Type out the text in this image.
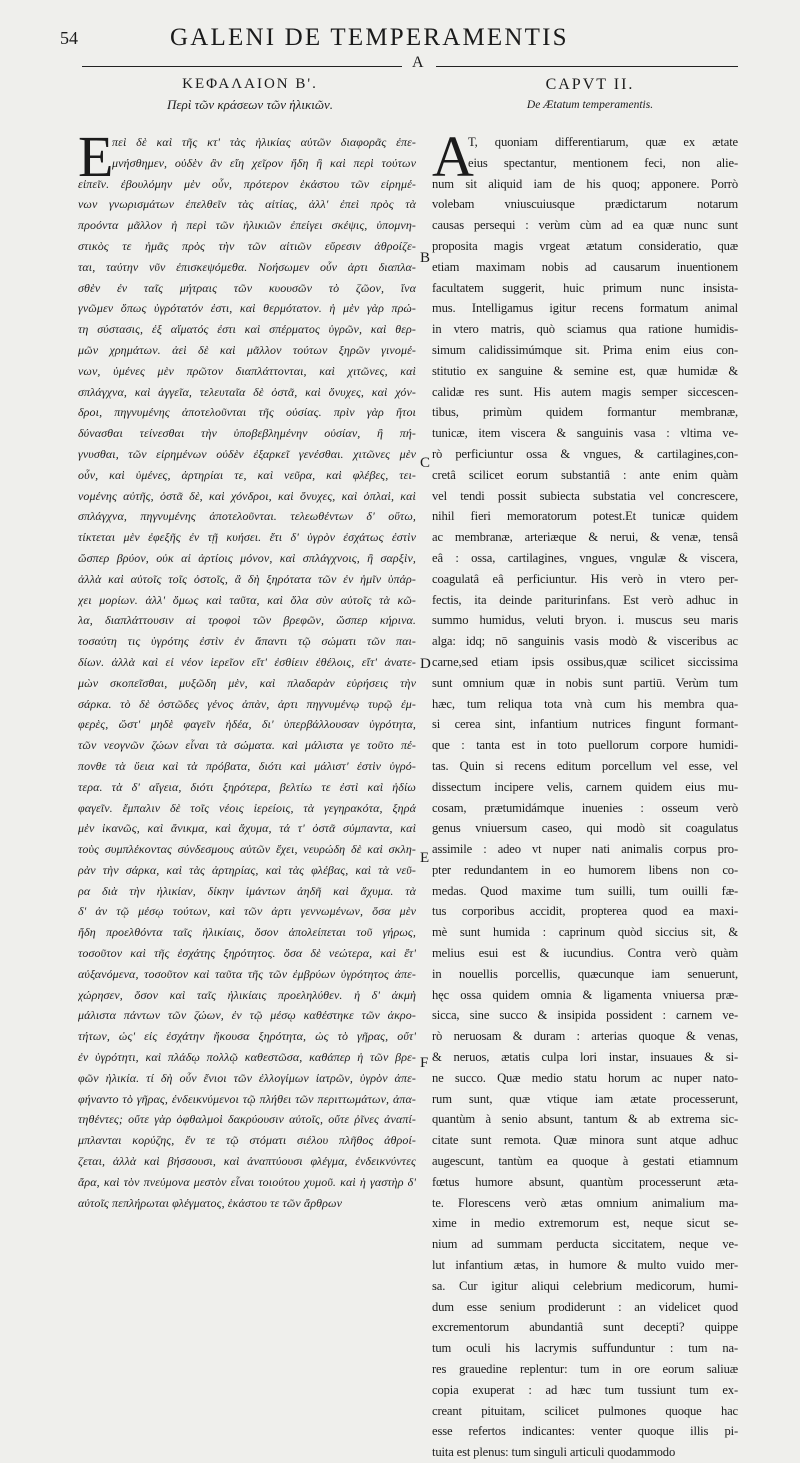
54	GALENI DE TEMPERAMENTIS
A
ΚΕΦΑΛΑΙΟΝ Β'.
Περὶ τῶν κράσεων τῶν ἡλικιῶν.
CAPVT II.
De Ætatum temperamentis.
Ε	A
πεὶ δὲ καὶ τῆς κτ' τὰς ἡλικίας αὐτῶν διαφορᾶς ἐπε-
μνήσθημεν, οὐδὲν ἂν εἴη χεῖρον ἤδη ἢ καὶ περὶ τούτων
εἰπεῖν. ἐβουλόμην μὲν οὖν, πρότερον ἑκάστου τῶν εἰρημέ-
νων γνωρισμάτων ἐπελθεῖν τὰς αἰτίας, ἀλλ' ἐπεὶ πρὸς τὰ
προόντα μᾶλλον ἡ περὶ τῶν ἡλικιῶν ἐπείγει σκέψις, ὑπομνη-
στικὸς τε ἡμᾶς πρὸς τὴν τῶν αἰτιῶν εὕρεσιν ἀθροίζε-
ται, ταύτην νῦν ἐπισκεψόμεθα. Νοήσωμεν οὖν ἀρτι διαπλα-
σθὲν ἐν ταῖς μήτραις τῶν κυουσῶν τὸ ζῶον, ἵνα
γνῶμεν ὅπως ὑγρότατόν ἐστι, καὶ θερμότατον. ἡ μὲν γὰρ πρώ-
τη σύστασις, ἐξ αἵματός ἐστι καὶ σπέρματος ὑγρῶν, καὶ θερ-
μῶν χρημάτων. ἀεὶ δὲ καὶ μᾶλλον τούτων ξηρῶν γινομέ-
νων, ὑμένες μὲν πρῶτον διαπλάττονται, καὶ χιτῶνες, καὶ
σπλάγχνα, καὶ ἀγγεῖα, τελευταῖα δὲ ὀστᾶ, καὶ ὄνυχες, καὶ χόν-
δροι, πηγνυμένης ἀποτελοῦνται τῆς οὐσίας. πρὶν γὰρ ἤτοι
δύνασθαι τείνεσθαι τὴν ὑποβεβλημένην οὐσίαν, ἢ πή-
γνυσθαι, τῶν εἰρημένων οὐδὲν ἐξαρκεῖ γενέσθαι. χιτῶνες μὲν
οὖν, καὶ ὑμένες, ἀρτηρίαι τε, καὶ νεῦρα, καὶ φλέβες, τει-
νομένης αὐτῆς, ὀστᾶ δὲ, καὶ χόνδροι, καὶ ὄνυχες, καὶ ὁπλαὶ, καὶ
σπλάγχνα, πηγνυμένης ἀποτελοῦνται. τελεωθέντων δ' οὕτω,
τίκτεται μὲν ἐφεξῆς ἐν τῇ κυήσει. ἔτι δ' ὑγρὸν ἐσχάτως ἐστὶν
ὥσπερ βρύον, οὐκ αἱ ἀρτίοις μόνον, καὶ σπλάγχνοις, ἢ σαρξὶν,
ἀλλὰ καὶ αὐτοῖς τοῖς ὀστοῖς, ἃ δὴ ξηρότατα τῶν ἐν ἡμῖν ὑπάρ-
χει μορίων. ἀλλ' ὅμως καὶ ταῦτα, καὶ ὅλα σὺν αὐτοῖς τὰ κῶ-
λα, διαπλάττουσιν αἱ τροφοὶ τῶν βρεφῶν, ὥσπερ κήρινα.
τοσαύτη τις ὑγρότης ἐστὶν ἐν ἅπαντι τῷ σώματι τῶν παι-
δίων. ἀλλὰ καὶ εἰ νέον ἱερεῖον εἴτ' ἐσθίειν ἐθέλοις, εἴτ' ἀνατε-
μὼν σκοπεῖσθαι, μυξῶδη μὲν, καὶ πλαδαρὰν εὑρήσεις τὴν
σάρκα. τὸ δὲ ὀστῶδες γένος ἁπὰν, ἀρτι πηγνυμένῳ τυρῷ ἐμ-
φερὲς, ὥστ' μηδὲ φαγεῖν ἡδέα, δι' ὑπερβάλλουσαν ὑγρότητα,
τῶν νεογνῶν ζώων εἶναι τὰ σώματα. καὶ μάλιστα γε τοῦτο πέ-
πονθε τὰ ὕεια καὶ τὰ πρόβατα, διότι καὶ μάλιστ' ἐστὶν ὑγρό-
τερα. τὰ δ' αἴγεια, διότι ξηρότερα, βελτίω τε ἐστὶ καὶ ἡδίω
φαγεῖν. ἔμπαλιν δὲ τοῖς νέοις ἱερείοις, τὰ γεγηρακότα, ξηρά
μὲν ἱκανῶς, καὶ ἄνικμα, καὶ ἄχυμα, τά τ' ὀστᾶ σύμπαντα, καὶ
τοὺς συμπλέκοντας σύνδεσμους αὐτῶν ἔχει, νευρώδη δὲ καὶ σκλη-
ρὰν τὴν σάρκα, καὶ τὰς ἀρτηρίας, καὶ τὰς φλέβας, καὶ τὰ νεῦ-
ρα διὰ τὴν ἡλικίαν, δίκην ἱμάντων ἀηδῆ καὶ ἄχυμα. τὰ
δ' ἀν τῷ μέσῳ τούτων, καὶ τῶν ἀρτι γεννωμένων, ὅσα μὲν
ἤδη προελθόντα ταῖς ἡλικίαις, ὅσον ἀπολείπεται τοῦ γήρως,
τοσοῦτον καὶ τῆς ἐσχάτης ξηρότητος. ὅσα δὲ νεώτερα, καὶ ἔτ'
αὐξανόμενα, τοσοῦτον καὶ ταῦτα τῆς τῶν ἐμβρύων ὑγρότητος ἀπε-
χώρησεν, ὅσον καὶ ταῖς ἡλικίαις προεληλύθεν. ἡ δ' ἀκμὴ
μάλιστα πάντων τῶν ζώων, ἐν τῷ μέσῳ καθέστηκε τῶν ἀκρο-
τήτων, ὡς' εἰς ἐσχάτην ἥκουσα ξηρότητα, ὡς τὸ γῆρας, οὔτ'
ἐν ὑγρότητι, καὶ πλάδῳ πολλῷ καθεστῶσα, καθάπερ ἡ τῶν βρε-
φῶν ἡλικία. τί δὴ οὖν ἔνιοι τῶν ἐλλογίμων ἰατρῶν, ὑγρὸν ἀπε-
φήναντο τὸ γῆρας, ἐνδεικνύμενοι τῷ πλήθει τῶν περιττωμάτων, ἀπα-
τηθέντες; οὔτε γὰρ ὀφθαλμοὶ δακρύουσιν αὐτοῖς, οὔτε ῥῖνες ἀναπί-
μπλανται κορύζης, ἔν τε τῷ στόματι σιέλου πλῆθος ἀθροί-
ζεται, ἀλλὰ καὶ βήσσουσι, καὶ ἀναπτύουσι φλέγμα, ἐνδεικνύντες
ἄρα, καὶ τὸν πνεύμονα μεστὸν εἶναι τοιούτου χυμοῦ. καὶ ἡ γαστὴρ δ'
αὐτοῖς πεπλήρωται φλέγματος, ἑκάστου τε τῶν ἄρθρων
T, quoniam differentiarum, quæ ex ætate
eius spectantur, mentionem feci, non alie-
num sit aliquid iam de his quoq; apponere. Porrò
volebam vniuscuiusque prædictarum notarum
causas persequi : verùm cùm ad ea quæ nunc sunt
proposita magis vrgeat ætatum consideratio, quæ
etiam maximam nobis ad causarum inuentionem
facultatem suggerit, huic primum nunc insista-
mus. Intelligamus igitur recens formatum animal
in vtero matris, quò sciamus qua ratione humidis-
simum calidissimúmque sit. Prima enim eius con-
stitutio ex sanguine & semine est, quæ humidæ &
calidæ res sunt. His autem magis semper siccescen-
tibus, primùm quidem formantur membranæ,
tunicæ, item viscera & sanguinis vasa : vltima ve-
rò perficiuntur ossa & vngues, & cartilagines,con-
cretâ scilicet eorum substantiâ : ante enim quàm
vel tendi possit subiecta substatia vel concrescere,
nihil fieri memoratorum potest.Et tunicæ quidem
ac membranæ, arteriæque & nerui, & venæ, tensâ
eâ : ossa, cartilagines, vngues, vngulæ & viscera,
coagulatâ eâ perficiuntur. His verò in vtero per-
fectis, ita deinde pariturinfans. Est verò adhuc in
summo humidus, veluti bryon. i. muscus seu maris
alga: idq; nō sanguinis vasis modò & visceribus ac
carne,sed etiam ipsis ossibus,quæ scilicet siccissima
sunt omnium quæ in nobis sunt partiū. Verùm tum
hæc, tum reliqua tota vnà cum his membra qua-
si cerea sint, infantium nutrices fingunt formant-
que : tanta est in toto puellorum corpore humidi-
tas. Quin si recens editum porcellum vel esse, vel
dissectum incipere velis, carnem quidem eius mu-
cosam, prætumidámque inuenies : osseum verò
genus vniuersum caseo, qui modò sit coagulatus
assimile : adeo vt nuper nati animalis corpus pro-
pter redundantem in eo humorem libens non co-
medas. Quod maxime tum suilli, tum ouilli fæ-
tus corporibus accidit, propterea quod ea maxi-
mè sunt humida : caprinum quòd siccius sit, &
melius esui est & iucundius. Contra verò quàm
in nouellis porcellis, quæcunque iam senuerunt,
hęc ossa quidem omnia & ligamenta vniuersa præ-
sicca, sine succo & insipida possident : carnem ve-
rò neruosam & duram : arterias quoque & venas,
& neruos, ætatis culpa lori instar, insuaues & si-
ne succo. Quæ medio statu horum ac nuper nato-
rum sunt, quæ vtique iam ætate processerunt,
quantùm à senio absunt, tantum & ab extrema sic-
citate sunt remota. Quæ minora sunt atque adhuc
augescunt, tantùm ea quoque à gestati etiamnum
fœtus humore absunt, quantùm processerunt æta-
te. Florescens verò ætas omnium animalium ma-
xime in medio extremorum est, neque sicut se-
nium ad summam perducta siccitatem, neque ve-
lut infantium ætas, in humore & multo vuido mer-
sa. Cur igitur aliqui celebrium medicorum, humi-
dum esse senium prodiderunt : an videlicet quod
excrementorum abundantiâ sunt decepti? quippe
tum oculi his lacrymis suffunduntur : tum na-
res grauedine replentur: tum in ore eorum saliuæ
copia exuperat : ad hæc tum tussiunt tum ex-
creant pituitam, scilicet pulmones quoque hac
esse refertos indicantes: venter quoque illis pi-
tuita est plenus: tum singuli articuli quodammodo
B
C
D
E
F
